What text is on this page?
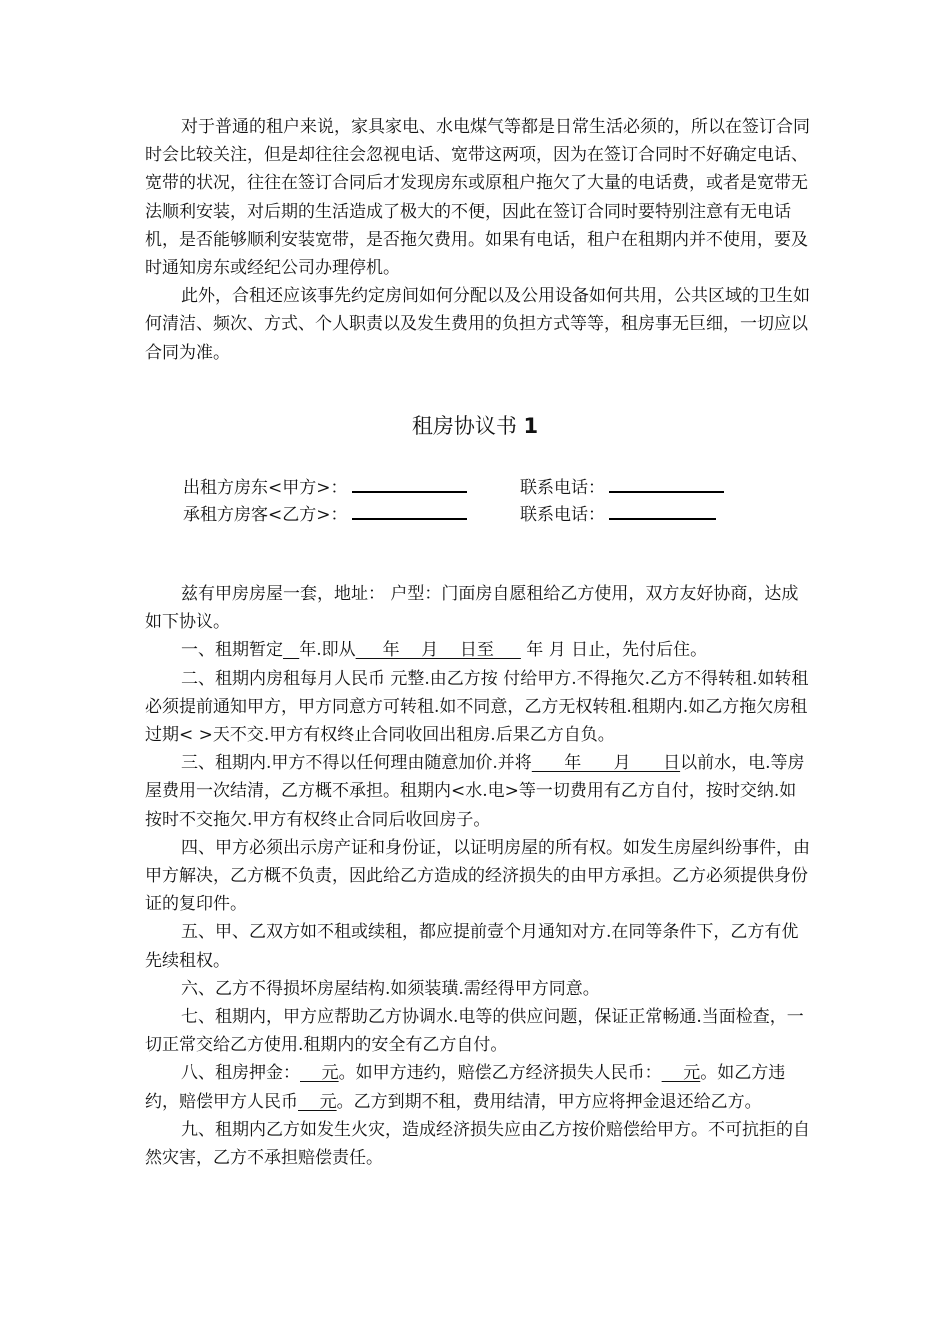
对于普通的租户来说，家具家电、水电煤气等都是日常生活必须的，所以在签订合同时会比较关注，但是却往往会忽视电话、宽带这两项，因为在签订合同时不好确定电话、宽带的状况，往往在签订合同后才发现房东或原租户拖欠了大量的电话费，或者是宽带无法顺利安装，对后期的生活造成了极大的不便，因此在签订合同时要特别注意有无电话机，是否能够顺利安装宽带，是否拖欠费用。如果有电话，租户在租期内并不使用，要及时通知房东或经纪公司办理停机。

此外，合租还应该事先约定房间如何分配以及公用设备如何共用，公共区域的卫生如何清洁、频次、方式、个人职责以及发生费用的负担方式等等，租房事无巨细，一切应以合同为准。

租房协议书 1
出租方房东<甲方>：	联系电话：
承租方房客<乙方>：	联系电话：

兹有甲房房屋一套，地址： 户型：门面房自愿租给乙方使用，双方友好协商，达成如下协议。

一、租期暂定 年.即从     年    月    日至      年 月 日止，先付后住。

二、租期内房租每月人民币 元整.由乙方按 付给甲方.不得拖欠.乙方不得转租.如转租必须提前通知甲方，甲方同意方可转租.如不同意，乙方无权转租.租期内.如乙方拖欠房租过期< >天不交.甲方有权终止合同收回出租房.后果乙方自负。

三、租期内.甲方不得以任何理由随意加价.并将      年      月      日以前水，电.等房屋费用一次结清，乙方概不承担。租期内<水.电>等一切费用有乙方自付，按时交纳.如按时不交拖欠.甲方有权终止合同后收回房子。

四、甲方必须出示房产证和身份证，以证明房屋的所有权。如发生房屋纠纷事件，由甲方解决，乙方概不负责，因此给乙方造成的经济损失的由甲方承担。乙方必须提供身份证的复印件。

五、甲、乙双方如不租或续租，都应提前壹个月通知对方.在同等条件下，乙方有优先续租权。

六、乙方不得损坏房屋结构.如须装璜.需经得甲方同意。

七、租期内，甲方应帮助乙方协调水.电等的供应问题，保证正常畅通.当面检查，一切正常交给乙方使用.租期内的安全有乙方自付。

八、租房押金：    元。如甲方违约，赔偿乙方经济损失人民币：    元。如乙方违约，赔偿甲方人民币    元。乙方到期不租，费用结清，甲方应将押金退还给乙方。

九、租期内乙方如发生火灾，造成经济损失应由乙方按价赔偿给甲方。不可抗拒的自然灾害，乙方不承担赔偿责任。
